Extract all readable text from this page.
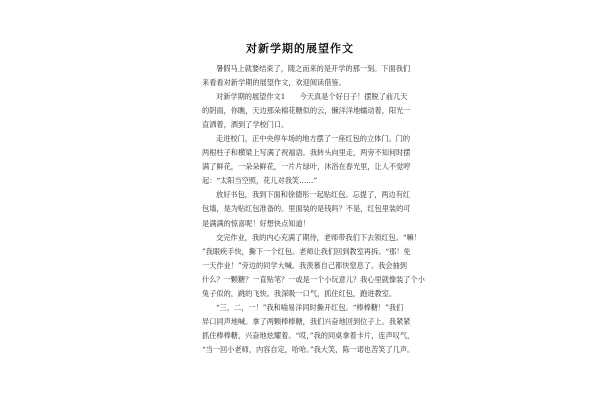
对新学期的展望作文
暑假马上就要结束了，随之而来的是开学的那一刻。下面我们
来看看对新学期的展望作文，欢迎阅读借鉴。
对新学期的展望作文1　　今天真是个好日子！摆脱了前几天
的阴雨，你瞧，天边那朵棉花糖似的云，懒洋洋地蠕动着，阳光一
直洒着，洒到了学校门口。
走进校门，正中央停车场的地方摆了一座红包的立体门。门的
两根柱子和横梁上写满了祝福语。我转头向里走，两旁不知何时摆
满了鲜花，一朵朵鲜花，一片片绿叶，沐浴在春光里，让人不觉哼
起：“太阳当空照，花儿对我笑……”
放好书包，我到下面和徐德彤一起贴红包。忘提了，两边有红
包墙，是为贴红包准备的。里面装的是钱吗？不是，红包里装的可
是满满的惊喜呢！好想快点知道！
交完作业，我的内心充满了期待，老师带我们下去领红包。“嘛！
”我眼疾手快，撕下一个红包。老师让我们回到教室再拆。“那！免
一天作业！”旁边的同学大喊。我羡慕自己都快窒息了。我会抽到
什么？一颗糖？一直贴笔？一或是一个小玩意儿？我心里就像装了个小
兔子似的，跳的飞快。我深吸一口气，抓住红包，跑进教室。
“三，二，一！”我和喻易洋同时撕开红包。“棒棒糖！”我们
异口同声地喊。拿了两颗棒棒糖，我们兴奋地回到位子上。我紧紧
抓住棒棒糖，兴奋地炫耀着。“哎，”我的同桌拿着卡片，连声叹气，
“当一回小老师，内容自定，哈哈。”我大笑，陈一诺也苦笑了几声。
